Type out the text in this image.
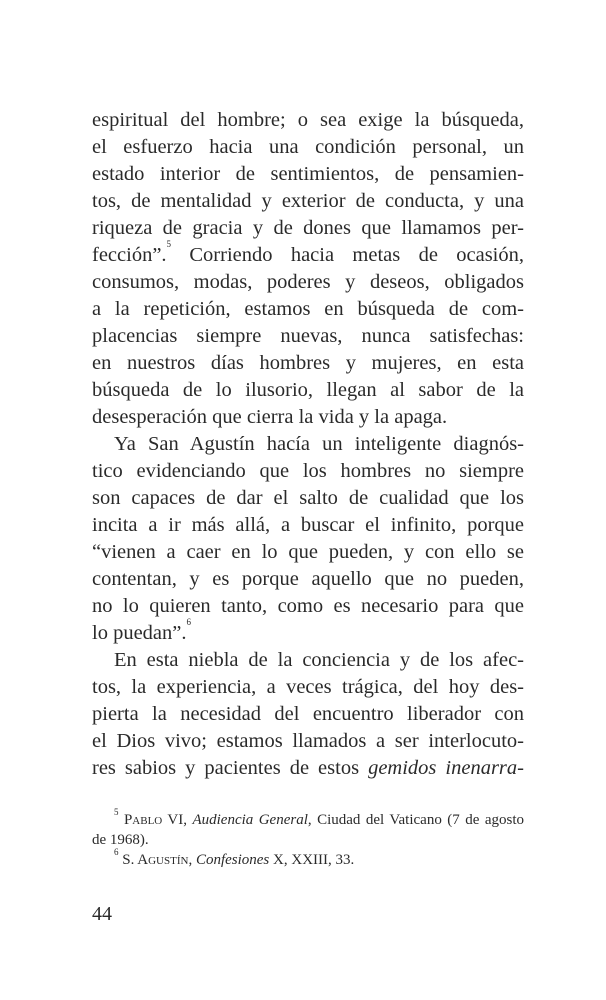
espiritual del hombre; o sea exige la búsqueda,
el esfuerzo hacia una condición personal, un
estado interior de sentimientos, de pensamien-
tos, de mentalidad y exterior de conducta, y una
riqueza de gracia y de dones que llamamos per-
fección”.$^5$ Corriendo hacia metas de ocasión,
consumos, modas, poderes y deseos, obligados
a la repetición, estamos en búsqueda de com-
placencias siempre nuevas, nunca satisfechas:
en nuestros días hombres y mujeres, en esta
búsqueda de lo ilusorio, llegan al sabor de la
desesperación que cierra la vida y la apaga.
Ya San Agustín hacía un inteligente diagnós-
tico evidenciando que los hombres no siempre
son capaces de dar el salto de cualidad que los
incita a ir más allá, a buscar el infinito, porque
“vienen a caer en lo que pueden, y con ello se
contentan, y es porque aquello que no pueden,
no lo quieren tanto, como es necesario para que
lo puedan”.$^6$
En esta niebla de la conciencia y de los afec-
tos, la experiencia, a veces trágica, del hoy des-
pierta la necesidad del encuentro liberador con
el Dios vivo; estamos llamados a ser interlocuto-
res sabios y pacientes de estos gemidos inenarra-

$^5$ Pablo VI, Audiencia General, Ciudad del Vaticano (7 de agosto de 1968).

$^6$ S. Agustín, Confesiones X, XXIII, 33.

44
